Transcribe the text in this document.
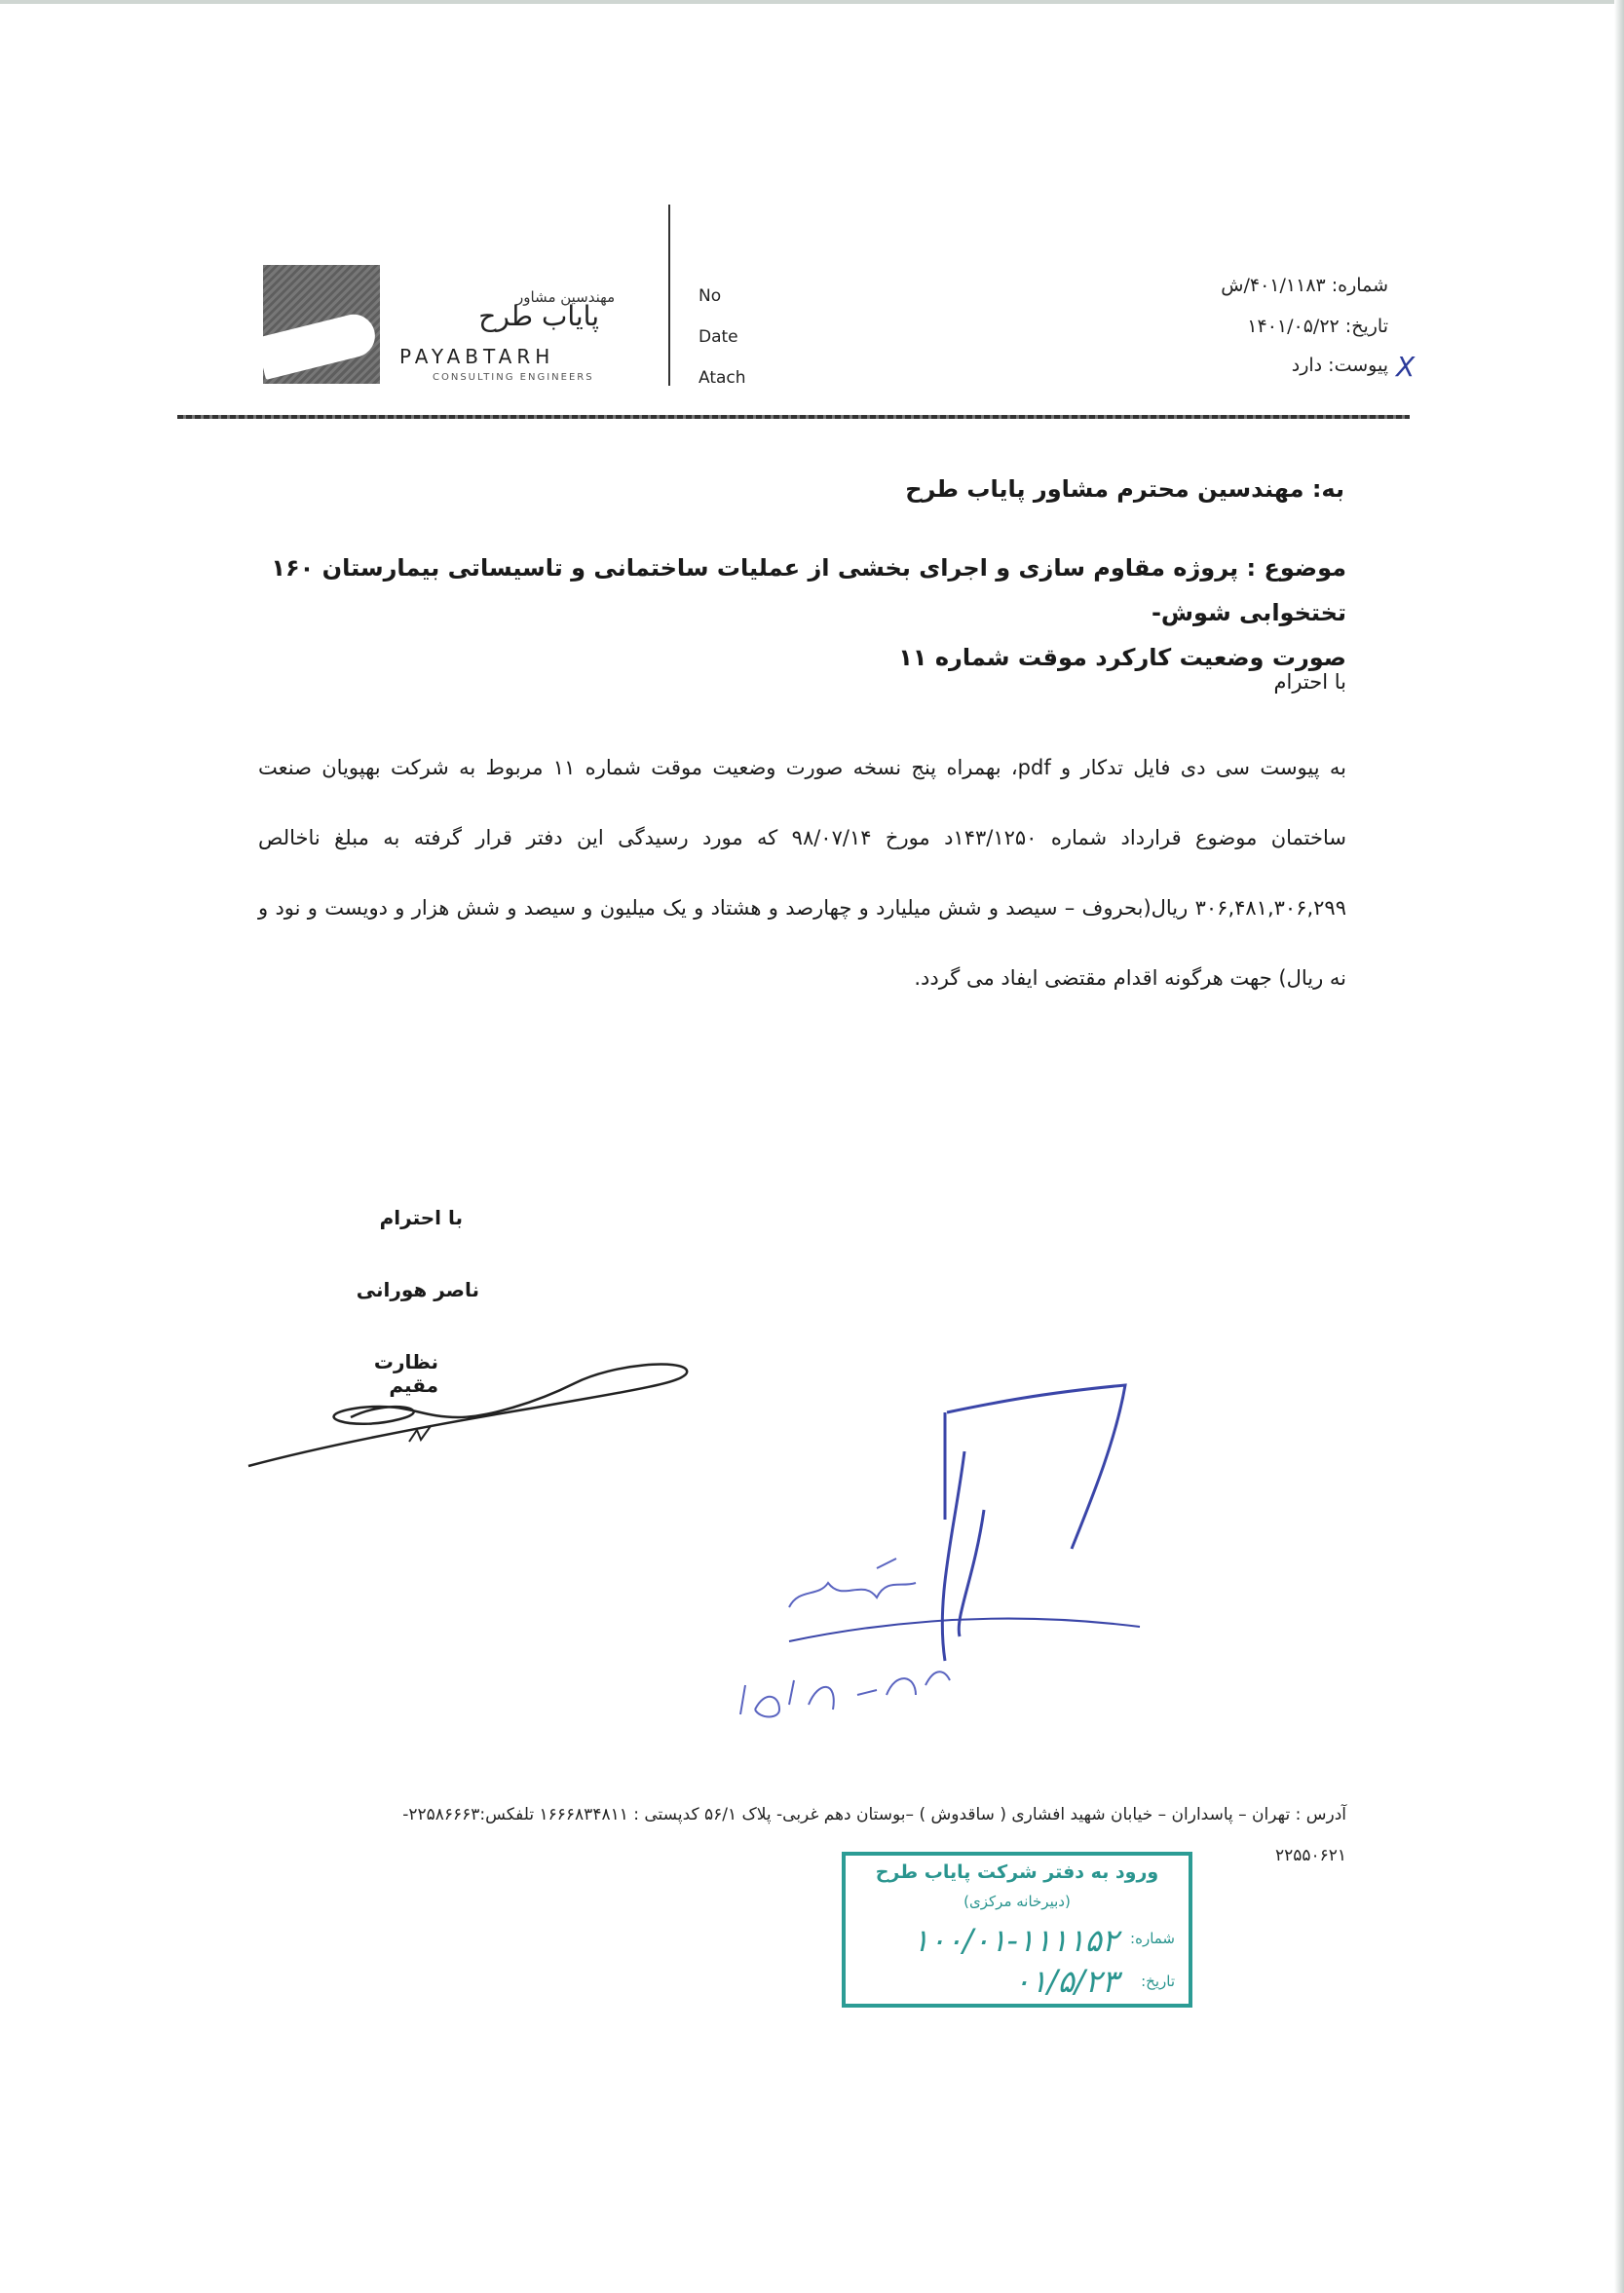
مهندسین مشاور
پایاب طرح
PAYABTARH
CONSULTING ENGINEERS
No
Date
Atach
شماره: ۴۰۱/۱۱۸۳/ش
تاریخ: ۱۴۰۱/۰۵/۲۲
پیوست: دارد X
به: مهندسین محترم مشاور پایاب طرح
موضوع : پروژه مقاوم سازی و اجرای بخشی از عملیات ساختمانی و تاسیساتی بیمارستان ۱۶۰ تختخوابی شوش-
صورت وضعیت کارکرد موقت شماره ۱۱
با احترام
به پیوست سی دی فایل تدکار و pdf، بهمراه پنج نسخه صورت وضعیت موقت شماره ۱۱ مربوط به شرکت بهپویان صنعت ساختمان موضوع قرارداد شماره ۱۴۳/۱۲۵۰د مورخ ۹۸/۰۷/۱۴ که مورد رسیدگی این دفتر قرار گرفته به مبلغ ناخالص ۳۰۶,۴۸۱,۳۰۶,۲۹۹ ریال(بحروف – سیصد و شش میلیارد و چهارصد و هشتاد و یک میلیون و سیصد و شش هزار و دویست و نود و نه ریال) جهت هرگونه اقدام مقتضی ایفاد می گردد.
با احترام
ناصر هورانی
نظارت مقیم
آدرس : تهران – پاسداران – خیابان شهید افشاری ( ساقدوش ) –بوستان دهم غربی- پلاک ۵۶/۱ کدپستی : ۱۶۶۶۸۳۴۸۱۱ تلفکس:۲۲۵۸۶۶۶۳-
۲۲۵۵۰۶۲۱
ورود به دفتر شرکت پایاب طرح
(دبیرخانه مرکزی)
شماره:
۱۰۰/۰۱-۱۱۱۱۵۲
تاریخ:
۰۱/۵/۲۳
